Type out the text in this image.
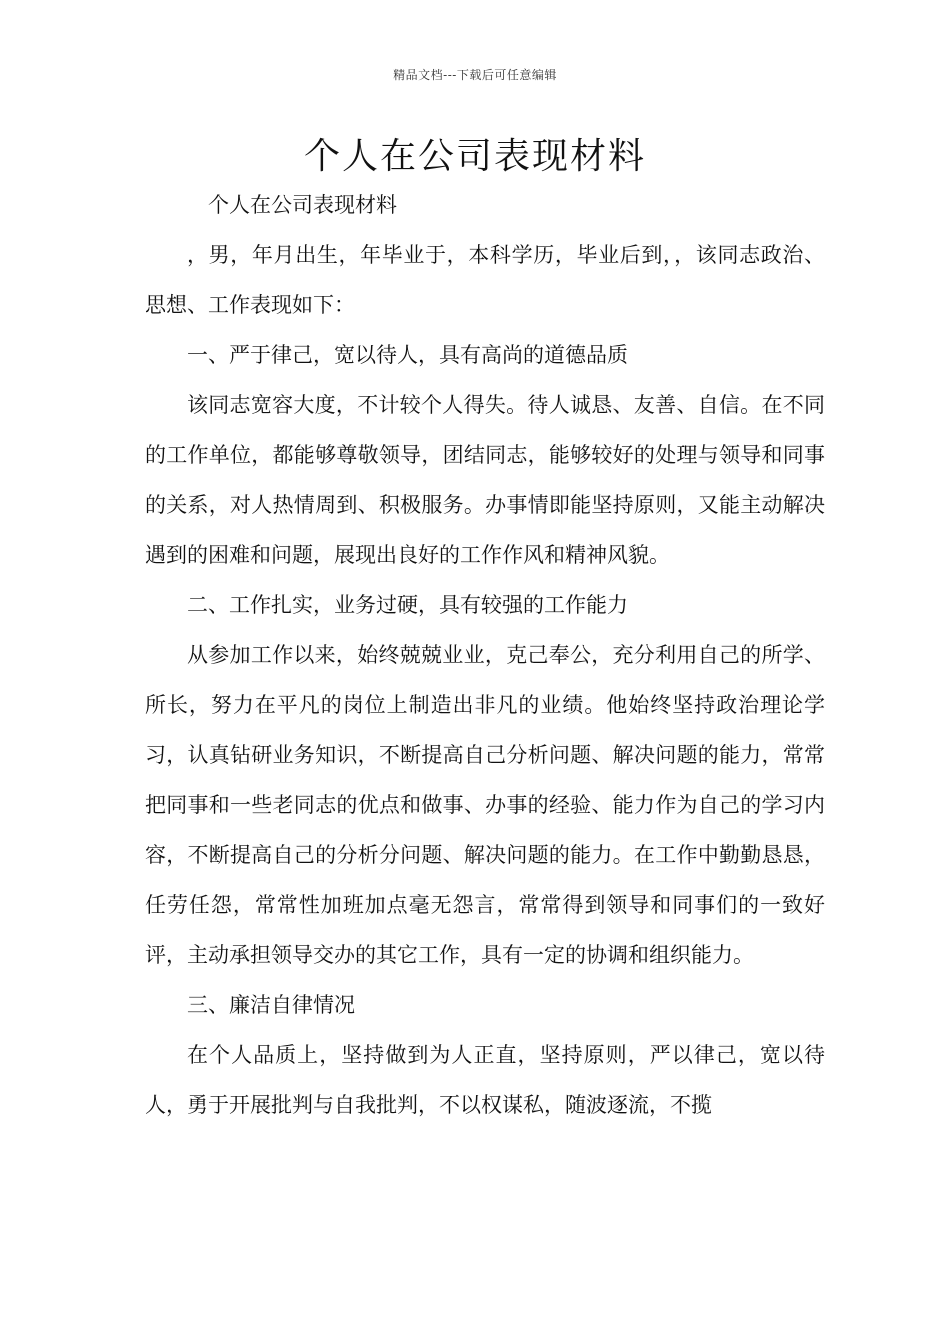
精品文档---下载后可任意编辑
个人在公司表现材料

个人在公司表现材料

，男，年月出生，年毕业于，本科学历，毕业后到，，该同志政治、思想、工作表现如下：

一、严于律己，宽以待人，具有高尚的道德品质

该同志宽容大度，不计较个人得失。待人诚恳、友善、自信。在不同的工作单位，都能够尊敬领导，团结同志，能够较好的处理与领导和同事的关系，对人热情周到、积极服务。办事情即能坚持原则，又能主动解决遇到的困难和问题，展现出良好的工作作风和精神风貌。

二、工作扎实，业务过硬，具有较强的工作能力

从参加工作以来，始终兢兢业业，克己奉公，充分利用自己的所学、所长，努力在平凡的岗位上制造出非凡的业绩。他始终坚持政治理论学习，认真钻研业务知识，不断提高自己分析问题、解决问题的能力，常常把同事和一些老同志的优点和做事、办事的经验、能力作为自己的学习内容，不断提高自己的分析分问题、解决问题的能力。在工作中勤勤恳恳，任劳任怨，常常性加班加点毫无怨言，常常得到领导和同事们的一致好评，主动承担领导交办的其它工作，具有一定的协调和组织能力。

三、廉洁自律情况

在个人品质上，坚持做到为人正直，坚持原则，严以律己，宽以待人，勇于开展批判与自我批判，不以权谋私，随波逐流，不揽
